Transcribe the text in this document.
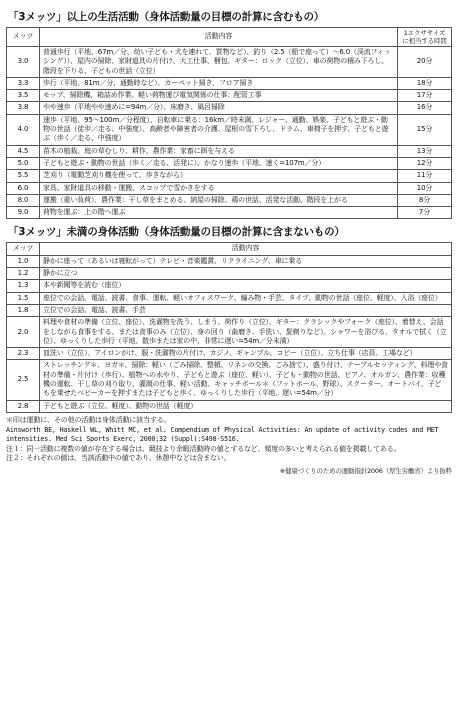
「3メッツ」以上の生活活動（身体活動量の目標の計算に含むもの）
メッツ	活動内容	1エクササイズに相当する時間
3.0	普通歩行（平地、67m／分、幼い子ども・犬を連れて、買物など）、釣り（2.5（船で座って）～6.0（渓流フィッシング））、屋内の掃除、家財道具の片付け、大工仕事、梱包、ギター：ロック（立位）、車の荷物の積み下ろし、階段を下りる、子どもの世話（立位）	20分
3.3	歩行（平地、81m／分、通勤時など）、カーペット掃き、フロア掃き	18分
3.5	モップ、掃除機、箱詰め作業、軽い荷物運び電気関係の仕事：配管工事	17分
3.8	やや速歩（平地やや速めに=94m／分）、床磨き、風呂掃除	16分
4.0	速歩（平地、95～100m／分程度）、自転車に乗る：16km／時未満、レジャー、通勤、娯楽、子どもと遊ぶ・動物の世話（徒歩／走る、中強度）、高齢者や障害者の介護、屋根の雪下ろし、ドラム、車椅子を押す、子どもと遊ぶ（歩く／走る、中強度）	15分
4.5	苗木の植栽、庭の草むしり、耕作、農作業：家畜に餌を与える	13分
5.0	子どもと遊ぶ・動物の世話（歩く／走る、活発に）、かなり速歩（平地、速く=107m／分）	12分
5.5	芝刈り（電動芝刈り機を使って、歩きながら）	11分
6.0	家具、家財道具の移動・運搬、スコップで雪かきをする	10分
8.0	運搬（重い負荷）、農作業：干し草をまとめる、納屋の掃除、鶏の世話、活発な活動、階段を上がる	8分
9.0	荷物を運ぶ：上の階へ運ぶ	7分
「3メッツ」未満の身体活動（身体活動量の目標の計算に含まないもの）
メッツ	活動内容
1.0	静かに座って（あるいは寝転がって）テレビ・音楽鑑賞、リクライニング、車に乗る
1.2	静かに立つ
1.3	本や新聞等を読む（座位）
1.5	座位での会話、電話、読書、食事、運転、軽いオフィスワーク、編み物・手芸、タイプ、動物の世話（座位、軽度）、入浴（座位）
1.8	立位での会話、電話、読書、手芸
2.0	料理や食材の準備（立位、座位）、洗濯物を洗う、しまう、荷作り（立位）、ギター：クラシックやフォーク（座位）、着替え、会話をしながら食事をする、または食事のみ（立位）、身の回り（歯磨き、手洗い、髭剃りなど）、シャワーを浴びる、タオルで拭く（立位）、ゆっくりした歩行（平地、散歩または家の中、非常に遅い=54m／分未満）
2.3	皿洗い（立位）、アイロンがけ、服・洗濯物の片付け、カジノ、ギャンブル、コピー（立位）、立ち仕事（店員、工場など）
2.5	ストレッチング＊、ヨガ＊、掃除：軽い（ごみ掃除、整頓、リネンの交換、ごみ捨て）、盛り付け、テーブルセッティング、料理や食材の準備・片付け（歩行）、植物への水やり、子どもと遊ぶ（座位、軽い）、子ども・動物の世話、ピアノ、オルガン、農作業：収穫機の運転、干し草の刈り取り、灌漑の仕事、軽い活動、キャッチボール＊（フットボール、野球）、スクーター、オートバイ、子どもを乗せたベビーカーを押すまたは子どもと歩く、ゆっくりした歩行（平地、遅い=54m／分）
2.8	子どもと遊ぶ（立位、軽度）、動物の世話（軽度）

＊印は運動に、その他の活動は身体活動に該当する。

Ainsworth BE, Haskell WL, Whitt MC, et al. Compendium of Physical Activities: An update of activity codes and MET intensities. Med Sci Sports Exerc, 2000;32 (Suppl):S498-S516.

注１：同一活動に複数の値が存在する場合は、競技より余暇活動時の値とするなど、頻度の多いと考えられる値を掲載してある。

注２：それぞれの値は、当該活動中の値であり、休憩中などは含まない。

※健康づくりのための運動指針2006（厚生労働省）より抜粋
